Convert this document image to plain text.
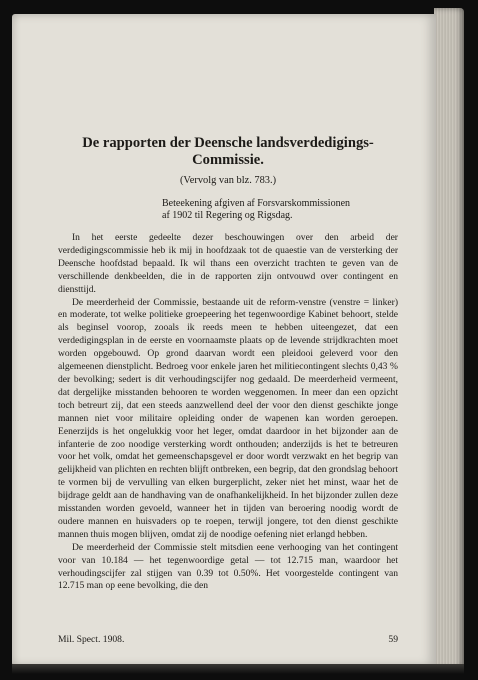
De rapporten der Deensche landsverdedigings-
Commissie.
(Vervolg van blz. 783.)
Beteekening afgiven af Forsvarskommissionen
af 1902 til Regering og Rigsdag.

In het eerste gedeelte dezer beschouwingen over den arbeid der verdedigingscommissie heb ik mij in hoofdzaak tot de quaestie van de versterking der Deensche hoofdstad bepaald. Ik wil thans een overzicht trachten te geven van de verschillende denkbeelden, die in de rapporten zijn ontvouwd over contingent en diensttijd.

De meerderheid der Commissie, bestaande uit de reform-venstre (venstre = linker) en moderate, tot welke politieke groepeering het tegenwoordige Kabinet behoort, stelde als beginsel voorop, zooals ik reeds meen te hebben uiteengezet, dat een verdedigingsplan in de eerste en voornaamste plaats op de levende strijdkrachten moet worden opgebouwd. Op grond daarvan wordt een pleidooi geleverd voor den algemeenen dienstplicht. Bedroeg voor enkele jaren het militiecontingent slechts 0,43 % der bevolking; sedert is dit verhoudingscijfer nog gedaald. De meerderheid vermeent, dat dergelijke misstanden behooren te worden weggenomen. In meer dan een opzicht toch betreurt zij, dat een steeds aanzwellend deel der voor den dienst geschikte jonge mannen niet voor militaire opleiding onder de wapenen kan worden geroepen. Eenerzijds is het ongelukkig voor het leger, omdat daardoor in het bijzonder aan de infanterie de zoo noodige versterking wordt onthouden; anderzijds is het te betreuren voor het volk, omdat het gemeenschapsgevel er door wordt verzwakt en het begrip van gelijkheid van plichten en rechten blijft ontbreken, een begrip, dat den grondslag behoort te vormen bij de vervulling van elken burgerplicht, zeker niet het minst, waar het de bijdrage geldt aan de handhaving van de onafhankelijkheid. In het bijzonder zullen deze misstanden worden gevoeld, wanneer het in tijden van beroering noodig wordt de oudere mannen en huisvaders op te roepen, terwijl jongere, tot den dienst geschikte mannen thuis mogen blijven, omdat zij de noodige oefening niet erlangd hebben.

De meerderheid der Commissie stelt mitsdien eene verhooging van het contingent voor van 10.184 — het tegenwoordige getal — tot 12.715 man, waardoor het verhoudingscijfer zal stijgen van 0.39 tot 0.50%. Het voorgestelde contingent van 12.715 man op eene bevolking, die den

Mil. Spect. 1908.	59
